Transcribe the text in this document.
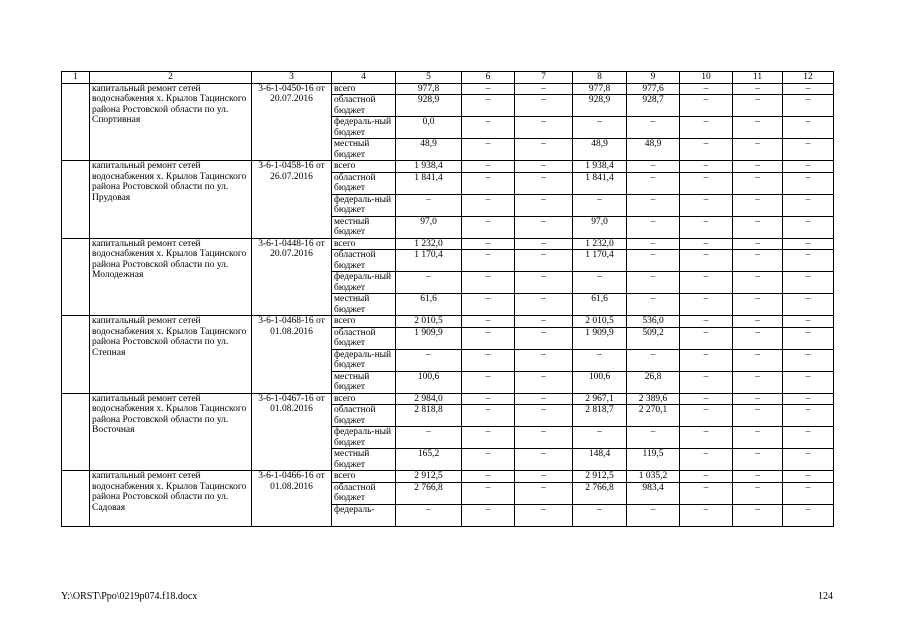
1	2	3	4	5	6	7	8	9	10	11	12
	капитальный ремонт сетей водоснабжения х. Крылов Тацинского района Ростовской области по ул. Спортивная	3-6-1-0450-16 от 20.07.2016	всего	977,8	–	–	977,8	977,6	–	–	–
			областной бюджет	928,9	–	–	928,9	928,7	–	–	–
			федераль-ный бюджет	0,0	–	–	–	–	–	–	–
			местный бюджет	48,9	–	–	48,9	48,9	–	–	–
	капитальный ремонт сетей водоснабжения х. Крылов Тацинского района Ростовской области по ул. Прудовая	3-6-1-0458-16 от 26.07.2016	всего	1 938,4	–	–	1 938,4	–	–	–	–
			областной бюджет	1 841,4	–	–	1 841,4	–	–	–	–
			федераль-ный бюджет	–	–	–	–	–	–	–	–
			местный бюджет	97,0	–	–	97,0	–	–	–	–
	капитальный ремонт сетей водоснабжения х. Крылов Тацинского района Ростовской области по ул. Молодежная	3-6-1-0448-16 от 20.07.2016	всего	1 232,0	–	–	1 232,0	–	–	–	–
			областной бюджет	1 170,4	–	–	1 170,4	–	–	–	–
			федераль-ный бюджет	–	–	–	–	–	–	–	–
			местный бюджет	61,6	–	–	61,6	–	–	–	–
	капитальный ремонт сетей водоснабжения х. Крылов Тацинского района Ростовской области по ул. Степная	3-6-1-0468-16 от 01.08.2016	всего	2 010,5	–	–	2 010,5	536,0	–	–	–
			областной бюджет	1 909,9	–	–	1 909,9	509,2	–	–	–
			федераль-ный бюджет	–	–	–	–	–	–	–	–
			местный бюджет	100,6	–	–	100,6	26,8	–	–	–
	капитальный ремонт сетей водоснабжения х. Крылов Тацинского района Ростовской области по ул. Восточная	3-6-1-0467-16 от 01.08.2016	всего	2 984,0	–	–	2 967,1	2 389,6	–	–	–
			областной бюджет	2 818,8	–	–	2 818,7	2 270,1	–	–	–
			федераль-ный бюджет	–	–	–	–	–	–	–	–
			местный бюджет	165,2	–	–	148,4	119,5	–	–	–
	капитальный ремонт сетей водоснабжения х. Крылов Тацинского района Ростовской области по ул. Садовая	3-6-1-0466-16 от 01.08.2016	всего	2 912,5	–	–	2 912,5	1 035,2	–	–	–
			областной бюджет	2 766,8	–	–	2 766,8	983,4	–	–	–
			федераль-	–	–	–	–	–	–	–	–
Y:\ORST\Ppo\0219p074.f18.docx	124
